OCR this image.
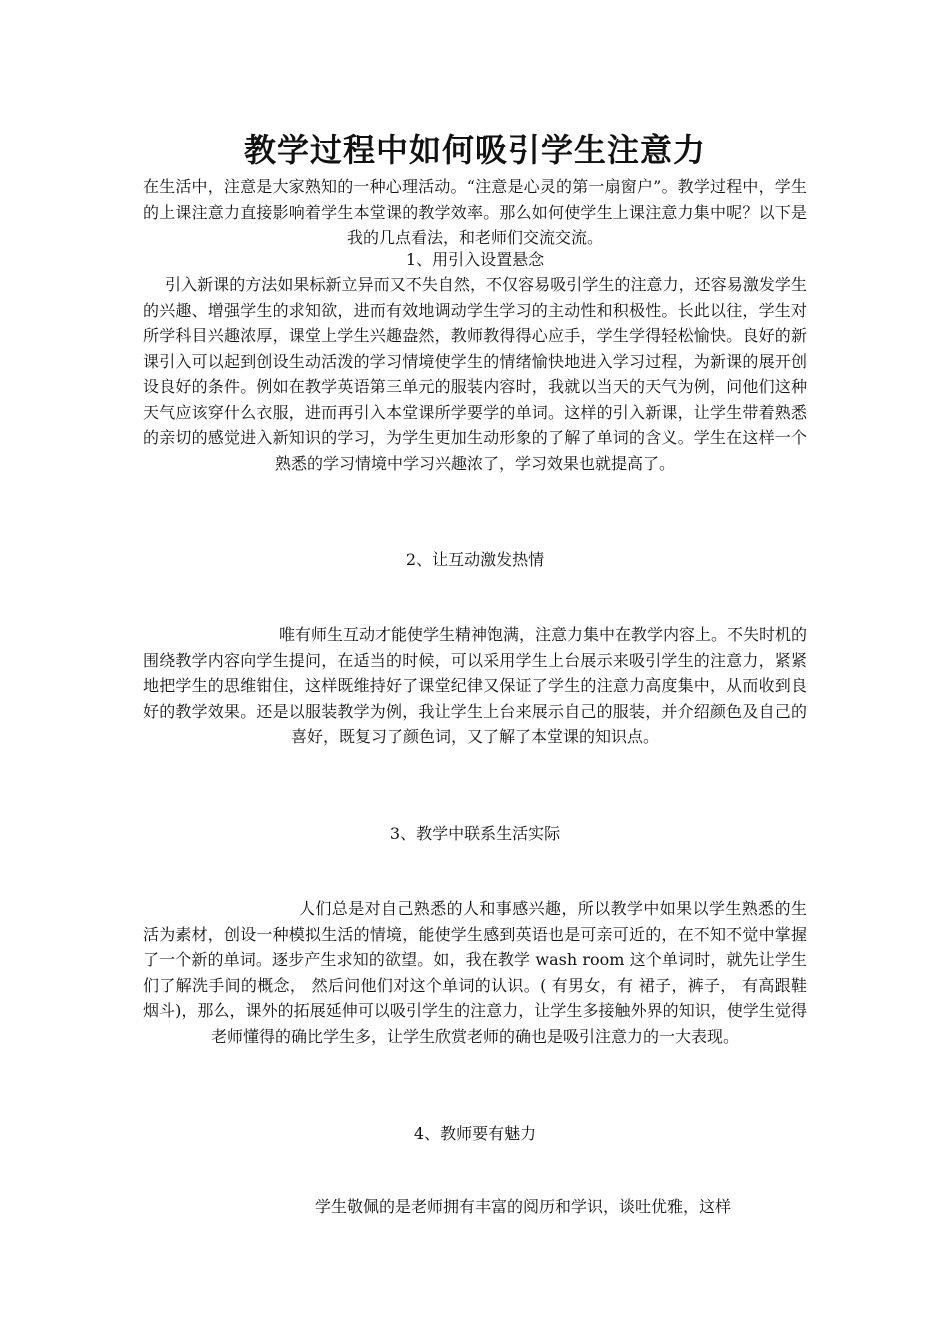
教学过程中如何吸引学生注意力

在生活中，注意是大家熟知的一种心理活动。“注意是心灵的第一扇窗户”。教学过程中，学生的上课注意力直接影响着学生本堂课的教学效率。那么如何使学生上课注意力集中呢？以下是我的几点看法，和老师们交流交流。

1、用引入设置悬念

引入新课的方法如果标新立异而又不失自然，不仅容易吸引学生的注意力，还容易激发学生的兴趣、增强学生的求知欲，进而有效地调动学生学习的主动性和积极性。长此以往，学生对所学科目兴趣浓厚，课堂上学生兴趣盎然，教师教得得心应手，学生学得轻松愉快。良好的新课引入可以起到创设生动活泼的学习情境使学生的情绪愉快地进入学习过程，为新课的展开创设良好的条件。例如在教学英语第三单元的服装内容时，我就以当天的天气为例，问他们这种天气应该穿什么衣服，进而再引入本堂课所学要学的单词。这样的引入新课，让学生带着熟悉的亲切的感觉进入新知识的学习，为学生更加生动形象的了解了单词的含义。学生在这样一个熟悉的学习情境中学习兴趣浓了，学习效果也就提高了。

2、让互动激发热情

唯有师生互动才能使学生精神饱满，注意力集中在教学内容上。不失时机的围绕教学内容向学生提问，在适当的时候，可以采用学生上台展示来吸引学生的注意力，紧紧地把学生的思维钳住，这样既维持好了课堂纪律又保证了学生的注意力高度集中，从而收到良好的教学效果。还是以服装教学为例，我让学生上台来展示自己的服装，并介绍颜色及自己的喜好，既复习了颜色词，又了解了本堂课的知识点。

3、教学中联系生活实际

人们总是对自己熟悉的人和事感兴趣，所以教学中如果以学生熟悉的生活为素材，创设一种模拟生活的情境，能使学生感到英语也是可亲可近的，在不知不觉中掌握了一个新的单词。逐步产生求知的欲望。如，我在教学 wash room 这个单词时，就先让学生们了解洗手间的概念， 然后问他们对这个单词的认识。( 有男女，有 裙子，裤子， 有高跟鞋 烟斗)，那么，课外的拓展延伸可以吸引学生的注意力，让学生多接触外界的知识，使学生觉得老师懂得的确比学生多，让学生欣赏老师的确也是吸引注意力的一大表现。

4、教师要有魅力

学生敬佩的是老师拥有丰富的阅历和学识，谈吐优雅，这样
